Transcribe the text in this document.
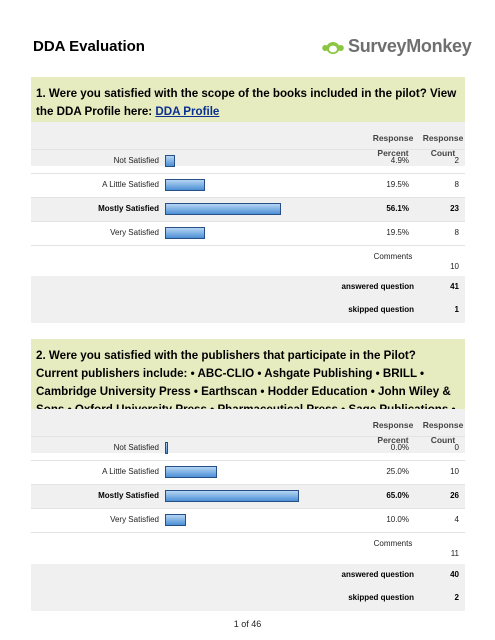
DDA Evaluation	SurveyMonkey
1. Were you satisfied with the scope of the books included in the pilot? View the DDA Profile here: DDA Profile
Response Percent
Response Count
Not Satisfied	4.9%	2
A Little Satisfied	19.5%	8
Mostly Satisfied	56.1%	23
Very Satisfied	19.5%	8
Comments
10
answered question	41
skipped question	1
2. Were you satisfied with the publishers that participate in the Pilot? Current publishers include: • ABC-CLIO • Ashgate Publishing • BRILL • Cambridge University Press • Earthscan • Hodder Education • John Wiley &
Response Percent
Response Count
Not Satisfied	0.0%	0
A Little Satisfied	25.0%	10
Mostly Satisfied	65.0%	26
Very Satisfied	10.0%	4
Comments
11
answered question	40
skipped question	2
1 of 46
